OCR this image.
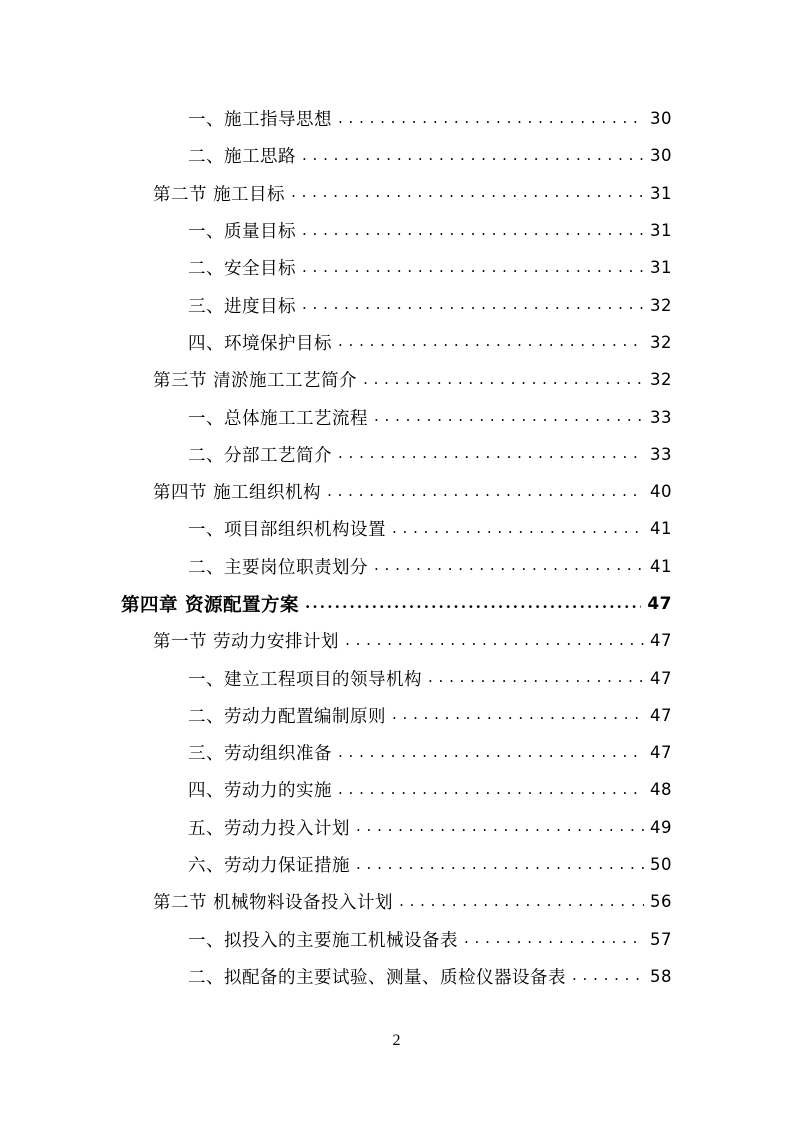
一、施工指导思想 . . .	30
二、施工思路 . . .	30
第二节 施工目标 . . .	31
一、质量目标 . . .	31
二、安全目标 . . .	31
三、进度目标 . . .	32
四、环境保护目标 . . .	32
第三节 清淤施工工艺简介 . . .	32
一、总体施工工艺流程 . . .	33
二、分部工艺简介 . . .	33
第四节 施工组织机构 . . .	40
一、项目部组织机构设置 . . .	41
二、主要岗位职责划分 . . .	41
第四章 资源配置方案 .....	47
第一节 劳动力安排计划 . . .	47
一、建立工程项目的领导机构 . . .	47
二、劳动力配置编制原则 . . .	47
三、劳动组织准备 . . .	47
四、劳动力的实施 . . .	48
五、劳动力投入计划 . . .	49
六、劳动力保证措施 . . .	50
第二节 机械物料设备投入计划 . . .	56
一、拟投入的主要施工机械设备表 . . .	57
二、拟配备的主要试验、测量、质检仪器设备表 . . .	58
2
